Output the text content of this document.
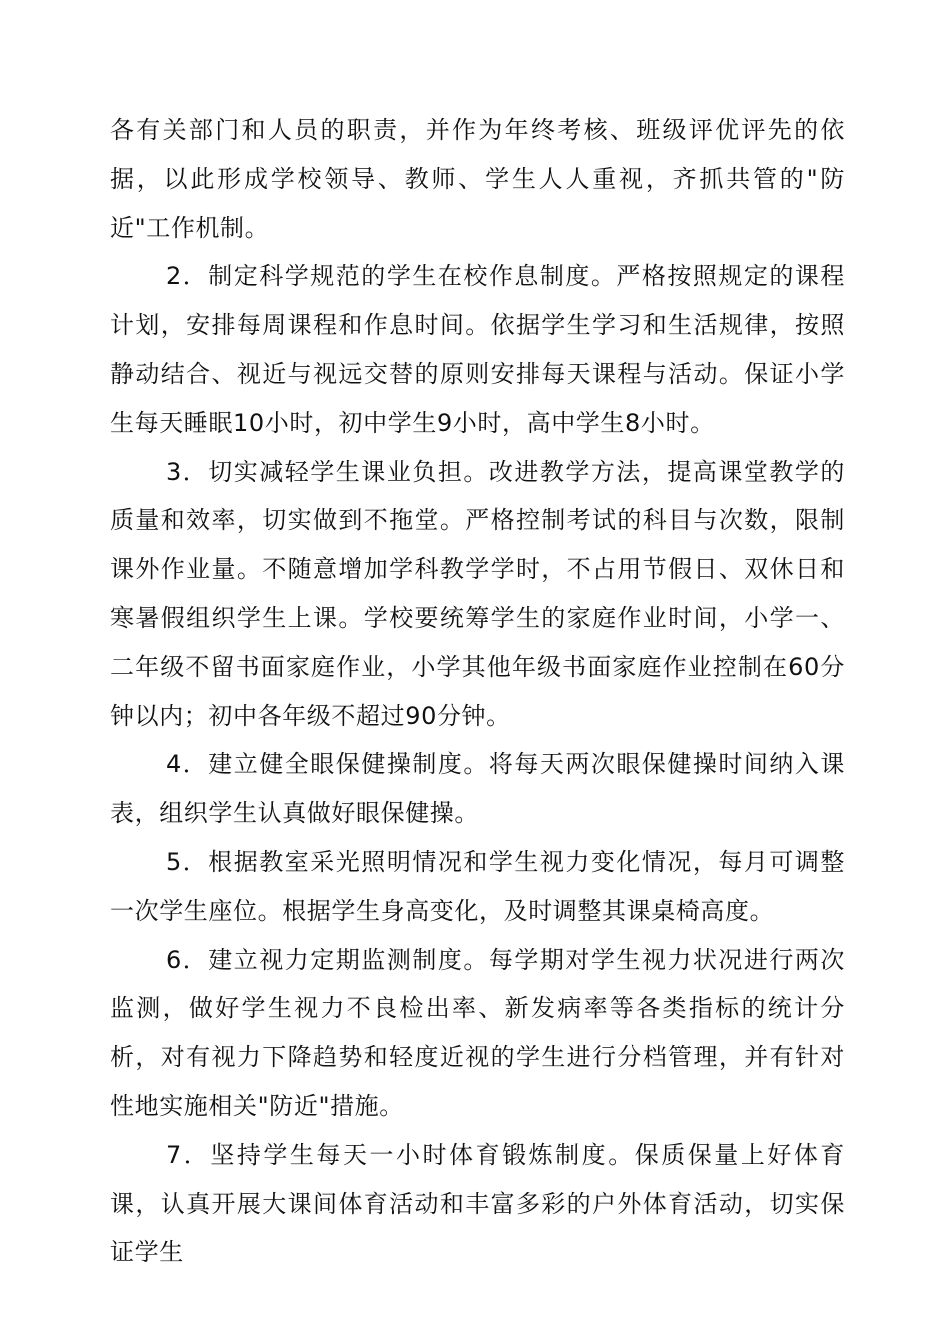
各有关部门和人员的职责，并作为年终考核、班级评优评先的依据，以此形成学校领导、教师、学生人人重视，齐抓共管的"防近"工作机制。

2．制定科学规范的学生在校作息制度。严格按照规定的课程计划，安排每周课程和作息时间。依据学生学习和生活规律，按照静动结合、视近与视远交替的原则安排每天课程与活动。保证小学生每天睡眠10小时，初中学生9小时，高中学生8小时。

3．切实减轻学生课业负担。改进教学方法，提高课堂教学的质量和效率，切实做到不拖堂。严格控制考试的科目与次数，限制课外作业量。不随意增加学科教学学时，不占用节假日、双休日和寒暑假组织学生上课。学校要统筹学生的家庭作业时间，小学一、二年级不留书面家庭作业，小学其他年级书面家庭作业控制在60分钟以内；初中各年级不超过90分钟。

4．建立健全眼保健操制度。将每天两次眼保健操时间纳入课表，组织学生认真做好眼保健操。

5．根据教室采光照明情况和学生视力变化情况，每月可调整一次学生座位。根据学生身高变化，及时调整其课桌椅高度。

6．建立视力定期监测制度。每学期对学生视力状况进行两次监测，做好学生视力不良检出率、新发病率等各类指标的统计分析，对有视力下降趋势和轻度近视的学生进行分档管理，并有针对性地实施相关"防近"措施。

7．坚持学生每天一小时体育锻炼制度。保质保量上好体育课，认真开展大课间体育活动和丰富多彩的户外体育活动，切实保证学生
